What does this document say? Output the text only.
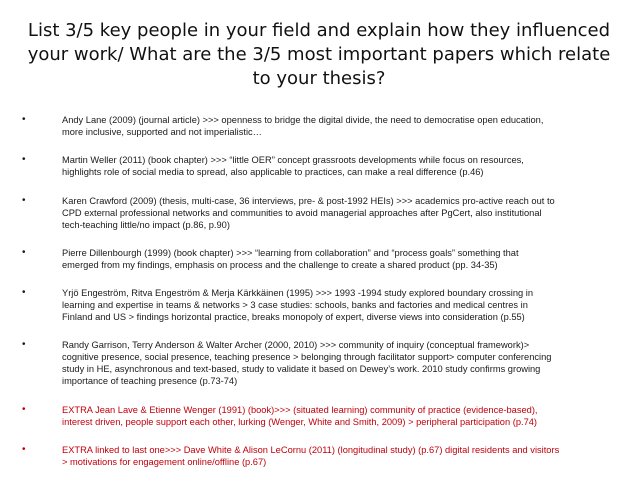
List 3/5 key people in your field and explain how they influenced your work/ What are the 3/5 most important papers which relate to your thesis?
•	Andy Lane (2009) (journal article) >>> openness to bridge the digital divide, the need to democratise open education,
more inclusive, supported and not imperialistic…
•	Martin Weller (2011) (book chapter) >>> “little OER” concept grassroots developments while focus on resources,
highlights role of social media to spread, also applicable to practices, can make a real difference (p.46)
•	Karen Crawford (2009) (thesis, multi-case, 36 interviews, pre- & post-1992 HEIs) >>> academics pro-active reach out to
CPD external professional networks and communities to avoid managerial approaches after PgCert, also institutional
tech-teaching little/no impact (p.86, p.90)
•	Pierre Dillenbourgh (1999) (book chapter) >>> “learning from collaboration” and “process goals” something that
emerged from my findings, emphasis on process and the challenge to create a shared product (pp. 34-35)
•	Yrjö Engeström, Ritva Engeström & Merja Kärkkäinen (1995) >>> 1993 -1994 study explored boundary crossing in
learning and expertise in teams & networks > 3 case studies: schools, banks and factories and medical centres in
Finland and US > findings horizontal practice, breaks monopoly of expert, diverse views into consideration (p.55)
•	Randy Garrison, Terry Anderson & Walter Archer (2000, 2010) >>> community of inquiry (conceptual framework)>
cognitive presence, social presence, teaching presence > belonging through facilitator support> computer conferencing
study in HE, asynchronous and text-based, study to validate it based on Dewey’s work. 2010 study confirms growing
importance of teaching presence (p.73-74)
•	EXTRA Jean Lave & Etienne Wenger (1991) (book)>>> (situated learning) community of practice (evidence-based),
interest driven, people support each other, lurking (Wenger, White and Smith, 2009) > peripheral participation (p.74)
•	EXTRA linked to last one>>> Dave White & Alison LeCornu (2011) (longitudinal study) (p.67) digital residents and visitors
> motivations for engagement online/offline (p.67)
